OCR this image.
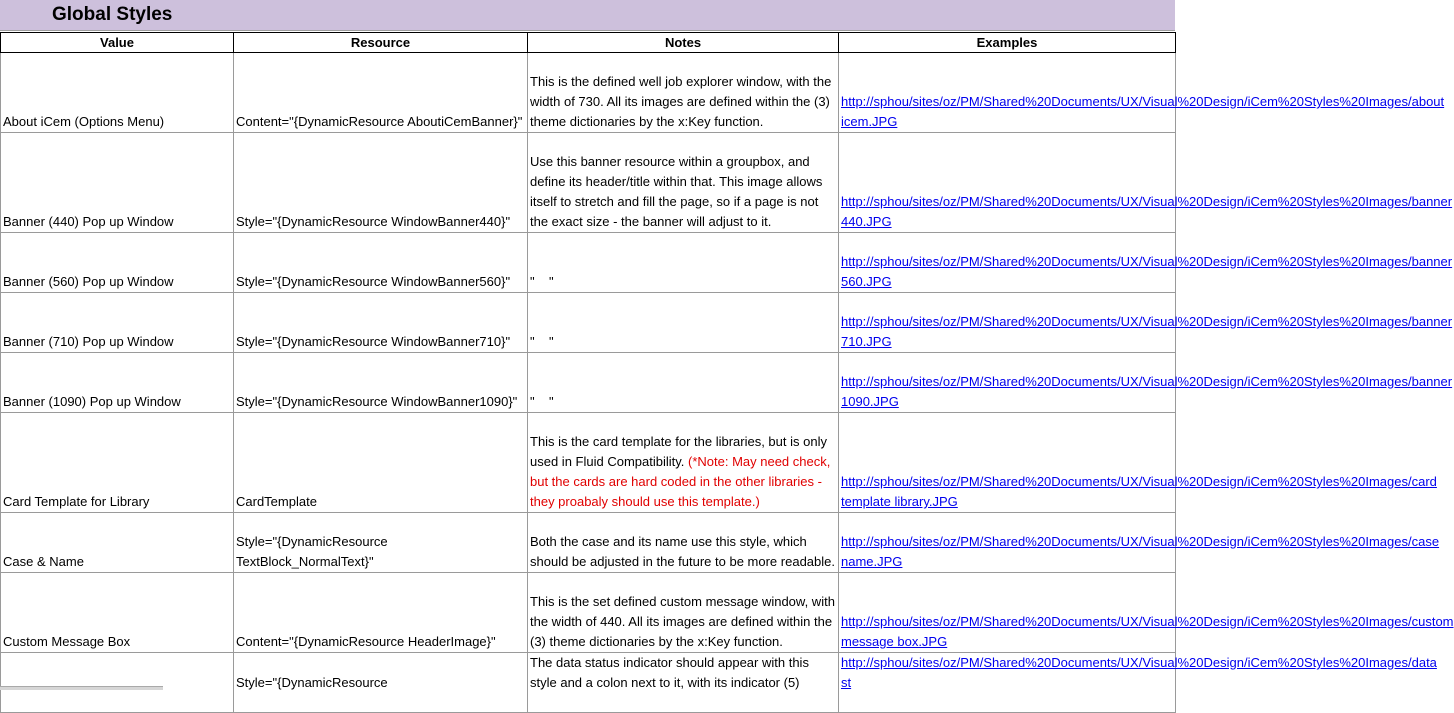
Global Styles
Value	Resource	Notes	Examples
About iCem (Options Menu)	Content="{DynamicResource AboutiCemBanner}"	This is the defined well job explorer window, with the width of 730. All its images are defined within the (3) theme dictionaries by the x:Key function.	http://sphou/sites/oz/PM/Shared%20Documents/UX/Visual%20Design/iCem%20Styles%20Images/about icem.JPG
Banner (440) Pop up Window	Style="{DynamicResource WindowBanner440}"	Use this banner resource within a groupbox, and define its header/title within that. This image allows itself to stretch and fill the page, so if a page is not the exact size - the banner will adjust to it.	http://sphou/sites/oz/PM/Shared%20Documents/UX/Visual%20Design/iCem%20Styles%20Images/banner 440.JPG
Banner (560) Pop up Window	Style="{DynamicResource WindowBanner560}"	"    "	http://sphou/sites/oz/PM/Shared%20Documents/UX/Visual%20Design/iCem%20Styles%20Images/banner 560.JPG
Banner (710) Pop up Window	Style="{DynamicResource WindowBanner710}"	"    "	http://sphou/sites/oz/PM/Shared%20Documents/UX/Visual%20Design/iCem%20Styles%20Images/banner 710.JPG
Banner (1090) Pop up Window	Style="{DynamicResource WindowBanner1090}"	"    "	http://sphou/sites/oz/PM/Shared%20Documents/UX/Visual%20Design/iCem%20Styles%20Images/banner 1090.JPG
Card Template for Library	CardTemplate	This is the card template for the libraries, but is only used in Fluid Compatibility. (*Note: May need check, but the cards are hard coded in the other libraries - they proabaly should use this template.)	http://sphou/sites/oz/PM/Shared%20Documents/UX/Visual%20Design/iCem%20Styles%20Images/card template library.JPG
Case & Name	Style="{DynamicResource TextBlock_NormalText}"	Both the case and its name use this style, which should be adjusted in the future to be more readable.	http://sphou/sites/oz/PM/Shared%20Documents/UX/Visual%20Design/iCem%20Styles%20Images/case name.JPG
Custom Message Box	Content="{DynamicResource HeaderImage}"	This is the set defined custom message window, with the width of 440. All its images are defined within the (3) theme dictionaries by the x:Key function.	http://sphou/sites/oz/PM/Shared%20Documents/UX/Visual%20Design/iCem%20Styles%20Images/custom message box.JPG
	Style="{DynamicResource	The data status indicator should appear with this style and a colon next to it, with its indicator (5)	http://sphou/sites/oz/PM/Shared%20Documents/UX/Visual%20Design/iCem%20Styles%20Images/data st
